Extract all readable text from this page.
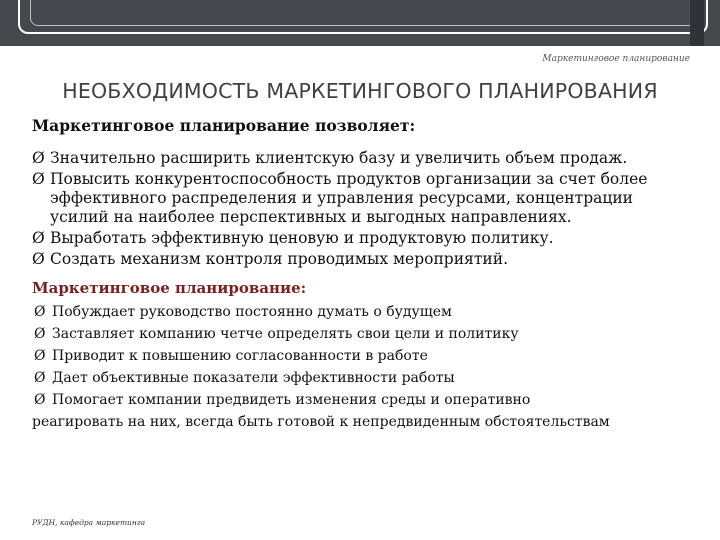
Маркетинговое планирование
НЕОБХОДИМОСТЬ МАРКЕТИНГОВОГО ПЛАНИРОВАНИЯ
Маркетинговое планирование позволяет:
Ø Значительно расширить клиентскую базу и увеличить объем продаж.
Ø Повысить конкурентоспособность продуктов организации за счет более эффективного распределения и управления ресурсами, концентрации усилий на наиболее перспективных и выгодных направлениях.
Ø Выработать эффективную ценовую и продуктовую политику.
Ø Создать механизм контроля проводимых мероприятий.
Маркетинговое планирование:
Ø Побуждает руководство постоянно думать о будущем
Ø Заставляет компанию четче определять свои цели и политику
Ø Приводит к повышению согласованности в работе
Ø Дает объективные показатели эффективности работы
Ø Помогает компании предвидеть изменения среды и оперативно
реагировать на них, всегда быть готовой к непредвиденным обстоятельствам
РУДН, кафедра маркетинга
